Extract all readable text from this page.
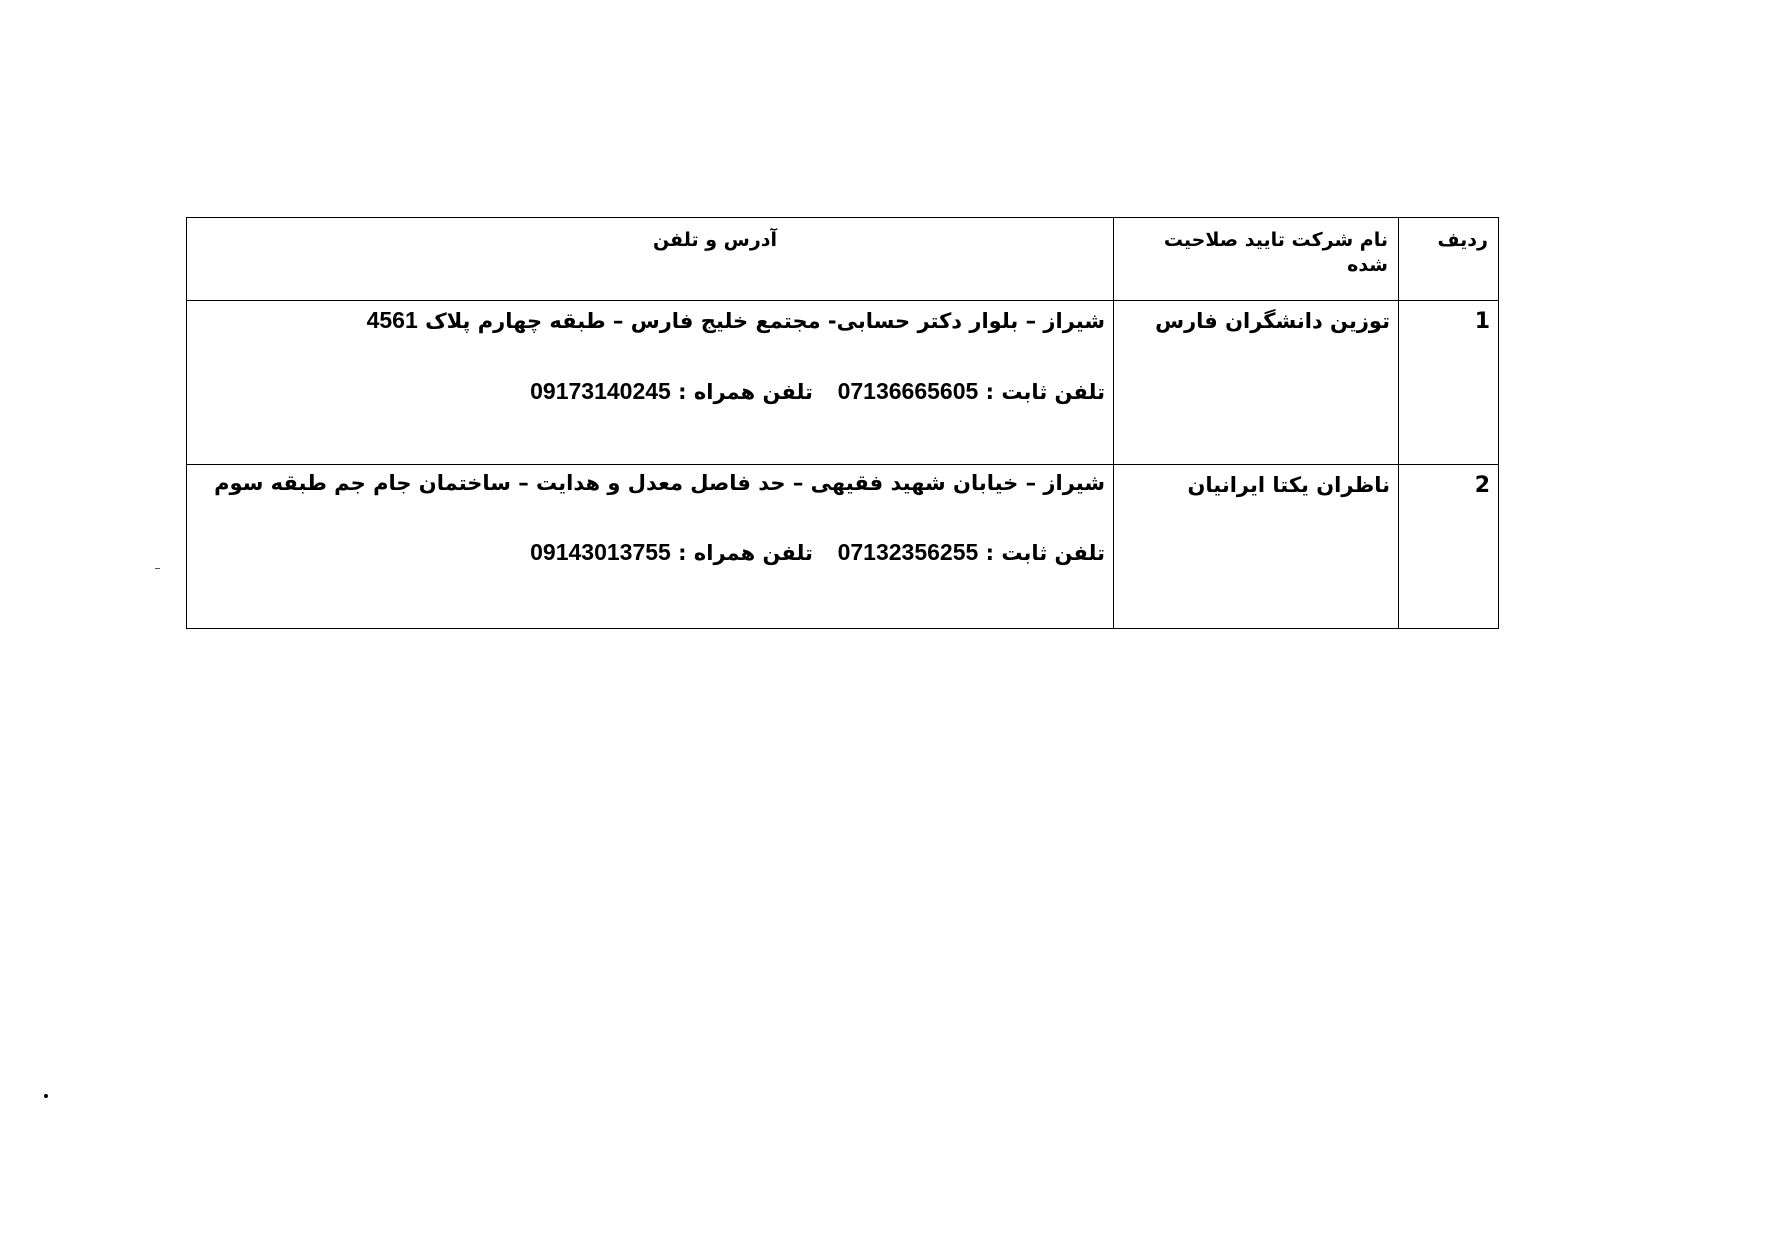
ردیف	نام شرکت تایید صلاحیت شده	آدرس و تلفن

1	توزین دانشگران فارس	شیراز – بلوار دکتر حسابی- مجتمع خلیج فارس – طبقه چهارم پلاک 4561
تلفن ثابت : 07136665605  تلفن همراه : 09173140245

2	ناظران یکتا ایرانیان	شیراز – خیابان شهید فقیهی – حد فاصل معدل و هدایت – ساختمان جام جم طبقه سوم
تلفن ثابت : 07132356255  تلفن همراه : 09143013755
